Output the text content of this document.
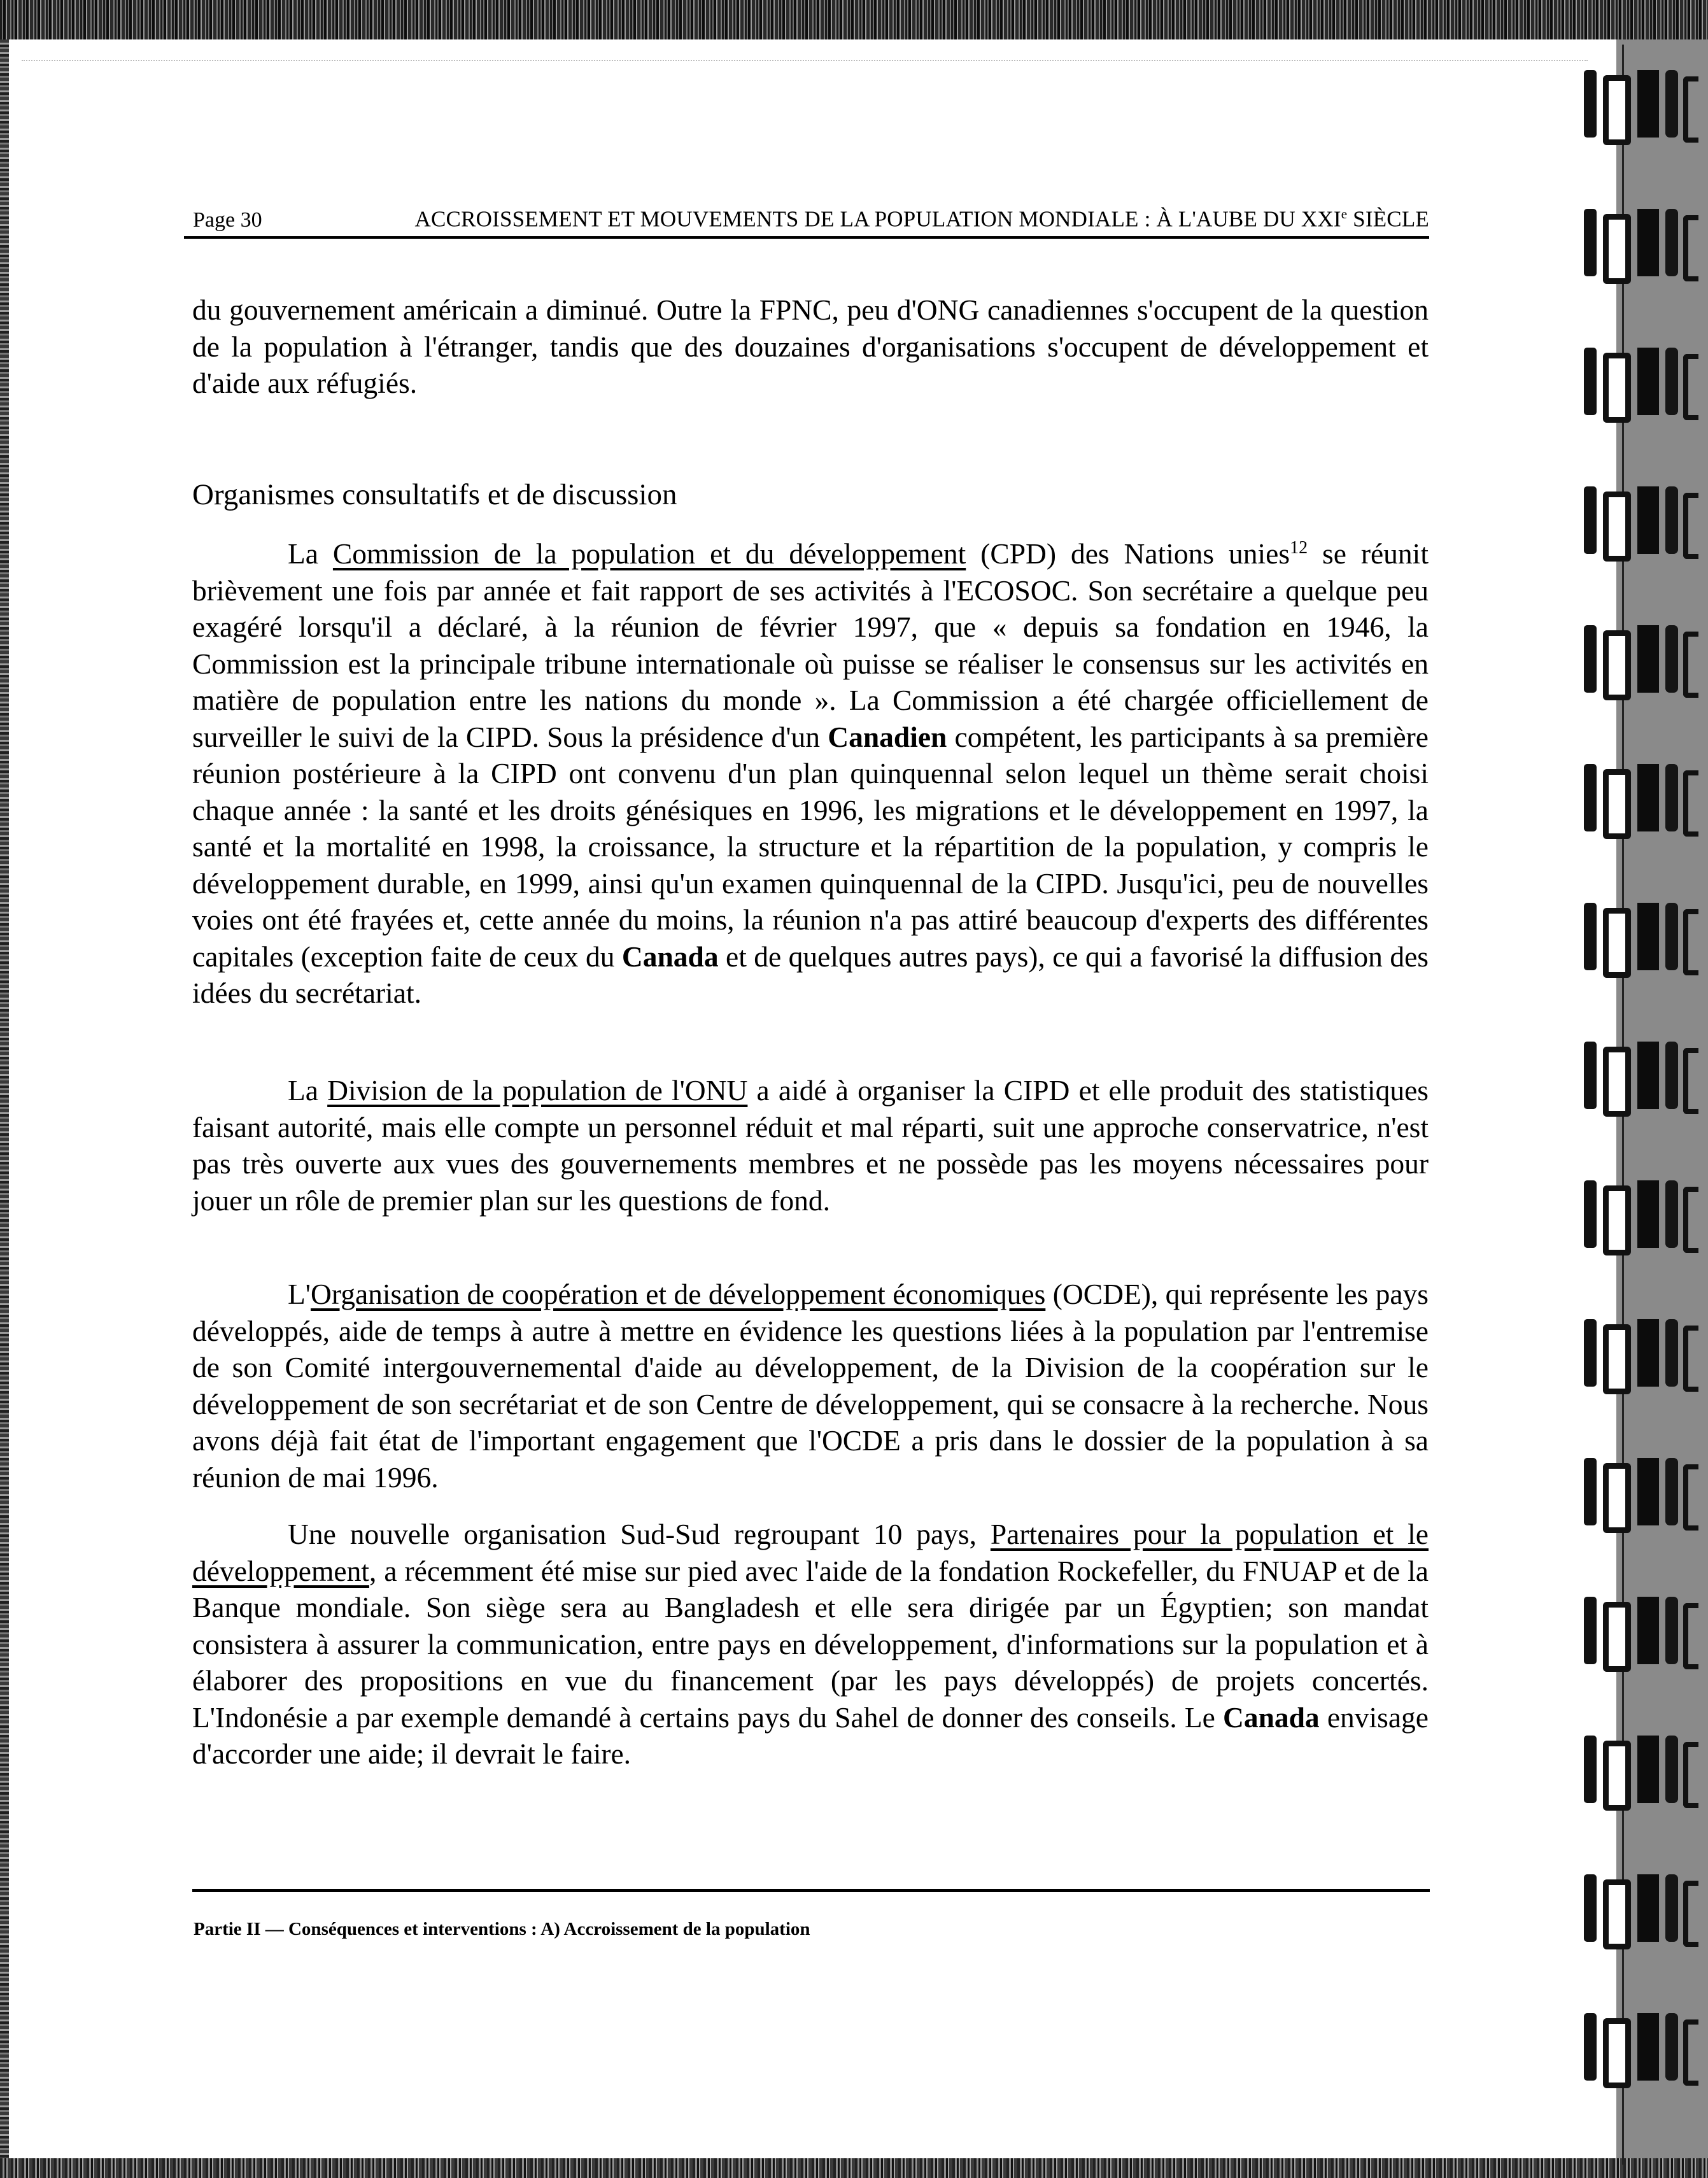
Page 30	ACCROISSEMENT ET MOUVEMENTS DE LA POPULATION MONDIALE : À L'AUBE DU XXIe SIÈCLE

du gouvernement américain a diminué. Outre la FPNC, peu d'ONG canadiennes s'occupent de la question de la population à l'étranger, tandis que des douzaines d'organisations s'occupent de développement et d'aide aux réfugiés.

Organismes consultatifs et de discussion

La Commission de la population et du développement (CPD) des Nations unies$^{12}$ se réunit brièvement une fois par année et fait rapport de ses activités à l'ECOSOC. Son secrétaire a quelque peu exagéré lorsqu'il a déclaré, à la réunion de février 1997, que « depuis sa fondation en 1946, la Commission est la principale tribune internationale où puisse se réaliser le consensus sur les activités en matière de population entre les nations du monde ». La Commission a été chargée officiellement de surveiller le suivi de la CIPD. Sous la présidence d'un Canadien compétent, les participants à sa première réunion postérieure à la CIPD ont convenu d'un plan quinquennal selon lequel un thème serait choisi chaque année : la santé et les droits génésiques en 1996, les migrations et le développement en 1997, la santé et la mortalité en 1998, la croissance, la structure et la répartition de la population, y compris le développement durable, en 1999, ainsi qu'un examen quinquennal de la CIPD. Jusqu'ici, peu de nouvelles voies ont été frayées et, cette année du moins, la réunion n'a pas attiré beaucoup d'experts des différentes capitales (exception faite de ceux du Canada et de quelques autres pays), ce qui a favorisé la diffusion des idées du secrétariat.

La Division de la population de l'ONU a aidé à organiser la CIPD et elle produit des statistiques faisant autorité, mais elle compte un personnel réduit et mal réparti, suit une approche conservatrice, n'est pas très ouverte aux vues des gouvernements membres et ne possède pas les moyens nécessaires pour jouer un rôle de premier plan sur les questions de fond.

L'Organisation de coopération et de développement économiques (OCDE), qui représente les pays développés, aide de temps à autre à mettre en évidence les questions liées à la population par l'entremise de son Comité intergouvernemental d'aide au développement, de la Division de la coopération sur le développement de son secrétariat et de son Centre de développement, qui se consacre à la recherche. Nous avons déjà fait état de l'important engagement que l'OCDE a pris dans le dossier de la population à sa réunion de mai 1996.

Une nouvelle organisation Sud-Sud regroupant 10 pays, Partenaires pour la population et le développement, a récemment été mise sur pied avec l'aide de la fondation Rockefeller, du FNUAP et de la Banque mondiale. Son siège sera au Bangladesh et elle sera dirigée par un Égyptien; son mandat consistera à assurer la communication, entre pays en développement, d'informations sur la population et à élaborer des propositions en vue du financement (par les pays développés) de projets concertés. L'Indonésie a par exemple demandé à certains pays du Sahel de donner des conseils. Le Canada envisage d'accorder une aide; il devrait le faire.

Partie II — Conséquences et interventions : A) Accroissement de la population
